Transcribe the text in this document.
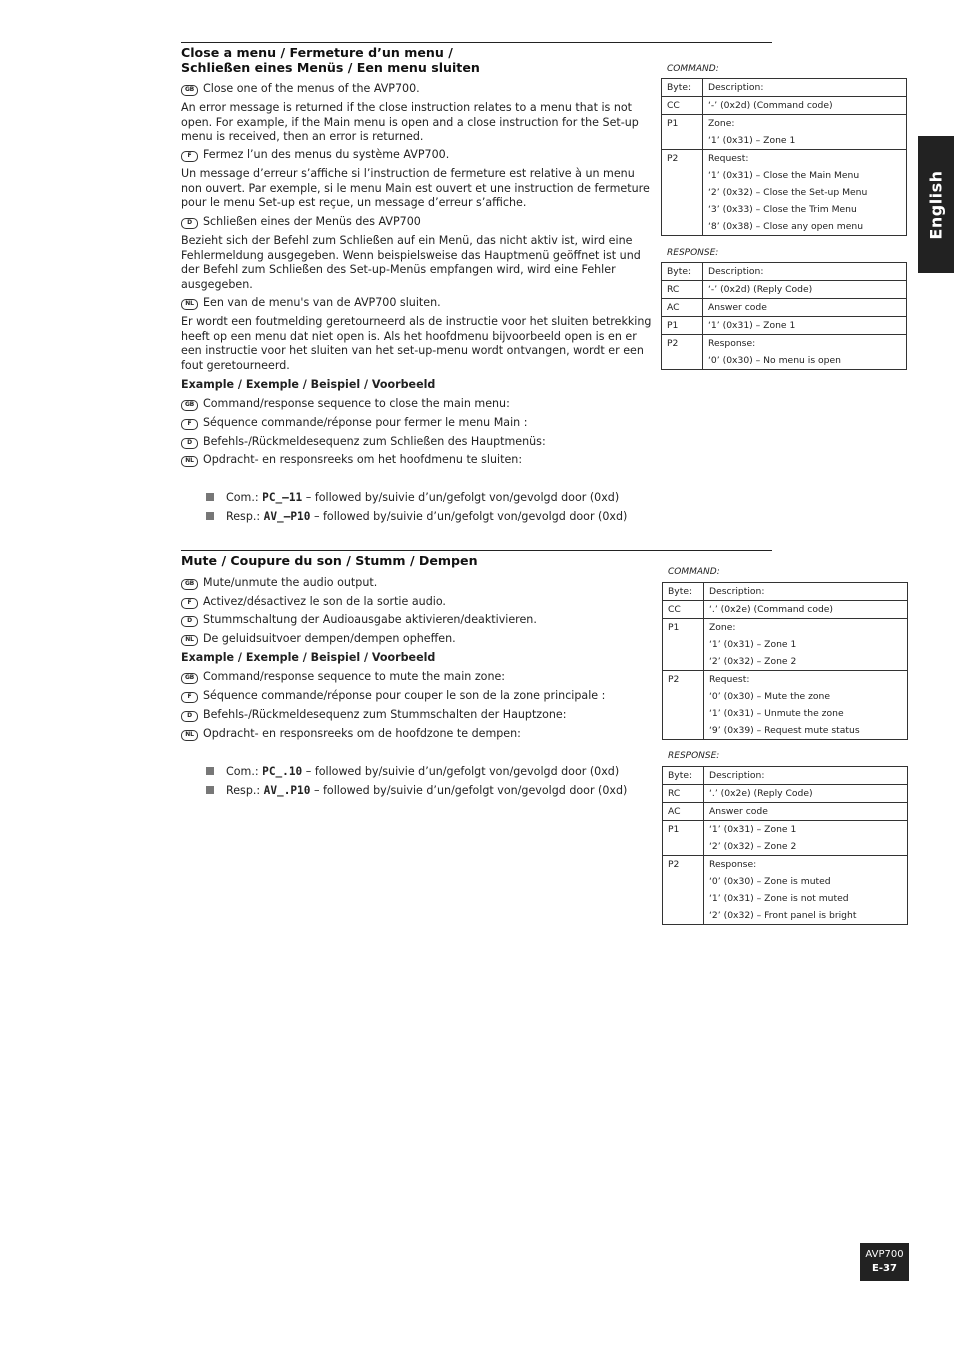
English
Close a menu / Fermeture d’un menu /
Schließen eines Menüs / Een menu sluiten
GB Close one of the menus of the AVP700.
An error message is returned if the close instruction relates to a menu that is not open. For example, if the Main menu is open and a close instruction for the Set-up menu is received, then an error is returned.
F Fermez l’un des menus du système AVP700.
Un message d’erreur s’affiche si l’instruction de fermeture est relative à un menu non ouvert. Par exemple, si le menu Main est ouvert et une instruction de fermeture pour le menu Set-up est reçue, un message d’erreur s’affiche.
D Schließen eines der Menüs des AVP700
Bezieht sich der Befehl zum Schließen auf ein Menü, das nicht aktiv ist, wird eine Fehlermeldung ausgegeben. Wenn beispielsweise das Hauptmenü geöffnet ist und der Befehl zum Schließen des Set-up-Menüs empfangen wird, wird eine Fehler ausgegeben.
NL Een van de menu's van de AVP700 sluiten.
Er wordt een foutmelding geretourneerd als de instructie voor het sluiten betrekking heeft op een menu dat niet open is. Als het hoofdmenu bijvoorbeeld open is en er een instructie voor het sluiten van het set-up-menu wordt ontvangen, wordt er een fout geretourneerd.
Example / Exemple / Beispiel / Voorbeeld
GB Command/response sequence to close the main menu:
F Séquence commande/réponse pour fermer le menu Main :
D Befehls-/Rückmeldesequenz zum Schließen des Hauptmenüs:
NL Opdracht- en responsreeks om het hoofdmenu te sluiten:
Com.: PC_–11 – followed by/suivie d’un/gefolgt von/gevolgd door (0xd)
Resp.: AV_–P10 – followed by/suivie d’un/gefolgt von/gevolgd door (0xd)
COMMAND:
Byte:	Description:

CC	‘-’ (0x2d) (Command code)

P1	Zone:
‘1’ (0x31) – Zone 1

P2	Request:
‘1’ (0x31) – Close the Main Menu
‘2’ (0x32) – Close the Set-up Menu
‘3’ (0x33) – Close the Trim Menu
‘8’ (0x38) – Close any open menu
RESPONSE:
Byte:	Description:

RC	‘-’ (0x2d) (Reply Code)

AC	Answer code

P1	‘1’ (0x31) – Zone 1

P2	Response:
‘0’ (0x30) – No menu is open
Mute / Coupure du son / Stumm / Dempen
GB Mute/unmute the audio output.
F Activez/désactivez le son de la sortie audio.
D Stummschaltung der Audioausgabe aktivieren/deaktivieren.
NL De geluidsuitvoer dempen/dempen opheffen.
Example / Exemple / Beispiel / Voorbeeld
GB Command/response sequence to mute the main zone:
F Séquence commande/réponse pour couper le son de la zone principale :
D Befehls-/Rückmeldesequenz zum Stummschalten der Hauptzone:
NL Opdracht- en responsreeks om de hoofdzone te dempen:
Com.: PC_.10 – followed by/suivie d’un/gefolgt von/gevolgd door (0xd)
Resp.: AV_.P10 – followed by/suivie d’un/gefolgt von/gevolgd door (0xd)
COMMAND:
Byte:	Description:

CC	‘.’ (0x2e) (Command code)

P1	Zone:
‘1’ (0x31) – Zone 1
‘2’ (0x32) – Zone 2

P2	Request:
‘0’ (0x30) – Mute the zone
‘1’ (0x31) – Unmute the zone
‘9’ (0x39) – Request mute status
RESPONSE:
Byte:	Description:

RC	‘.’ (0x2e) (Reply Code)

AC	Answer code

P1	‘1’ (0x31) – Zone 1
‘2’ (0x32) – Zone 2

P2	Response:
‘0’ (0x30) – Zone is muted
‘1’ (0x31) – Zone is not muted
‘2’ (0x32) – Front panel is bright
AVP700
E-37
